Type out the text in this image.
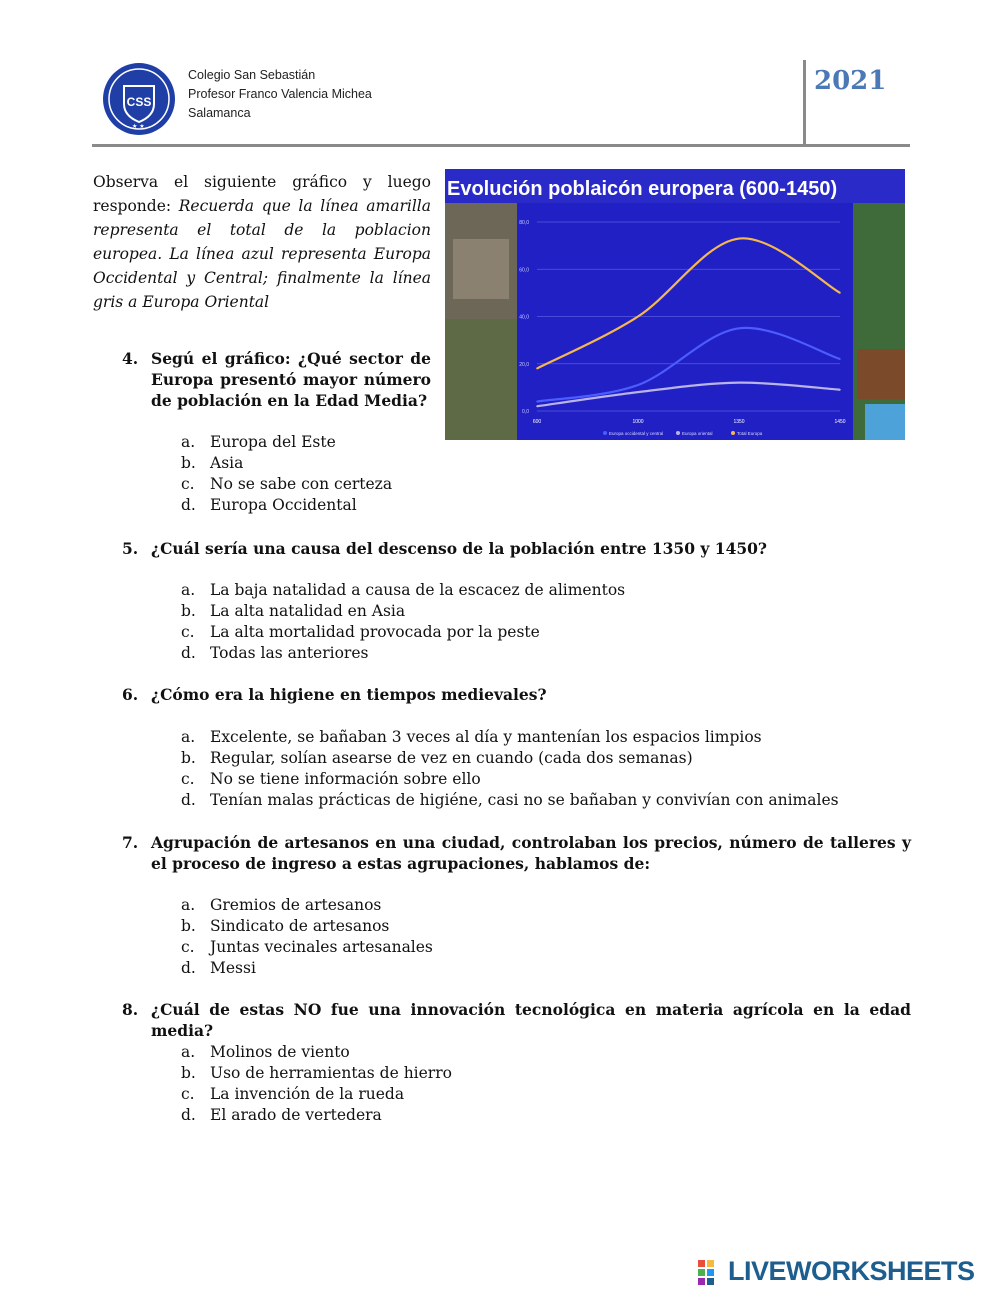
CSS
★ ★
Colegio San Sebastián
Profesor Franco Valencia Michea
Salamanca
2021
Observa el siguiente gráfico y luego responde: Recuerda que la línea amarilla representa el total de la poblacion europea. La línea azul representa Europa Occidental y Central; finalmente la línea gris a Europa Oriental
Evolución poblaicón europera (600-1450)
0,0
20,0
40,0
60,0
80,0
600	1000	1350	1450
Europa occidental y central	Europa oriental	Total Europa
4. Segú el gráfico: ¿Qué sector de Europa presentó mayor número de población en la Edad Media?
a. Europa del Este
b. Asia
c. No se sabe con certeza
d. Europa Occidental
5. ¿Cuál sería una causa del descenso de la población entre 1350 y 1450?
a. La baja natalidad a causa de la escacez de alimentos
b. La alta natalidad en Asia
c. La alta mortalidad provocada por la peste
d. Todas las anteriores
6. ¿Cómo era la higiene en tiempos medievales?
a. Excelente, se bañaban 3 veces al día y mantenían los espacios limpios
b. Regular, solían asearse de vez en cuando (cada dos semanas)
c. No se tiene información sobre ello
d. Tenían malas prácticas de higiéne, casi no se bañaban y convivían con animales
7. Agrupación de artesanos en una ciudad, controlaban los precios, número de talleres y el proceso de ingreso a estas agrupaciones, hablamos de:
a. Gremios de artesanos
b. Sindicato de artesanos
c. Juntas vecinales artesanales
d. Messi
8. ¿Cuál de estas NO fue una innovación tecnológica en materia agrícola en la edad media?
a. Molinos de viento
b. Uso de herramientas de hierro
c. La invención de la rueda
d. El arado de vertedera
LIVEWORKSHEETS
